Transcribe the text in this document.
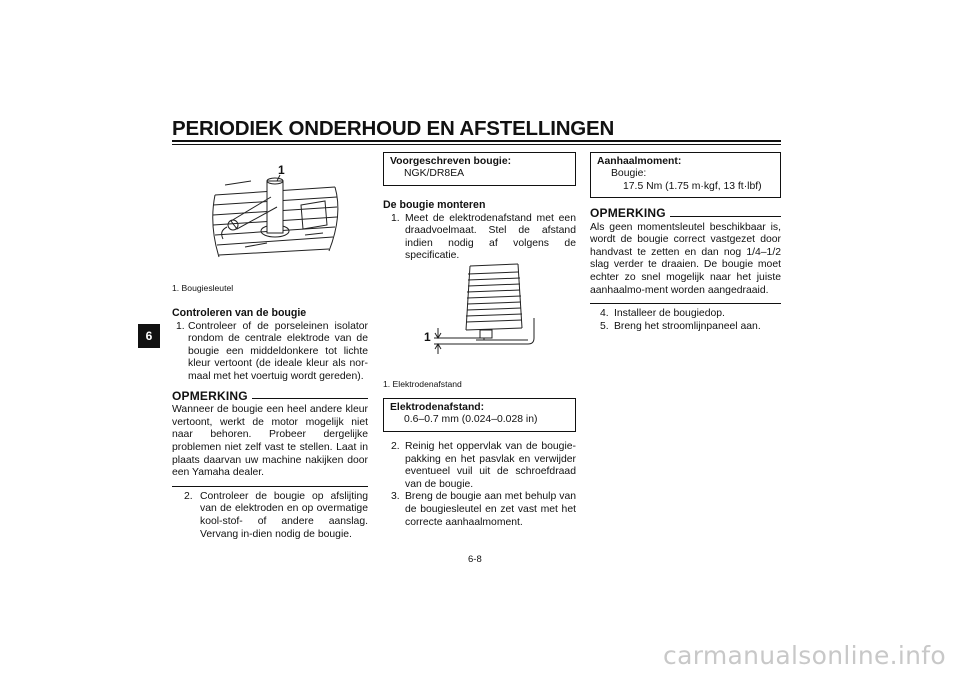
PERIODIEK ONDERHOUD EN AFSTELLINGEN
6
1
1. Bougiesleutel
Controleren van de bougie

1. Controleer of de porseleinen isolator rondom de centrale elektrode van de bougie een middeldonkere tot lichte kleur vertoont (de ideale kleur als nor-maal met het voertuig wordt gereden).

OPMERKING
Wanneer de bougie een heel andere kleur vertoont, werkt de motor mogelijk niet naar behoren. Probeer dergelijke problemen niet zelf vast te stellen. Laat in plaats daarvan uw machine nakijken door een Yamaha dealer.

2. Controleer de bougie op afslijting van de elektroden en op overmatige kool-stof- of andere aanslag. Vervang in-dien nodig de bougie.

Voorgeschreven bougie:
NGK/DR8EA
De bougie monteren

1. Meet de elektrodenafstand met een draadvoelmaat. Stel de afstand indien nodig af volgens de specificatie.

1
1. Elektrodenafstand
Elektrodenafstand:
0.6–0.7 mm (0.024–0.028 in)

2. Reinig het oppervlak van de bougie-pakking en het pasvlak en verwijder eventueel vuil uit de schroefdraad van de bougie.

3. Breng de bougie aan met behulp van de bougiesleutel en zet vast met het correcte aanhaalmoment.

Aanhaalmoment:
Bougie:
17.5 Nm (1.75 m·kgf, 13 ft·lbf)
OPMERKING
Als geen momentsleutel beschikbaar is, wordt de bougie correct vastgezet door handvast te zetten en dan nog 1/4–1/2 slag verder te draaien. De bougie moet echter zo snel mogelijk naar het juiste aanhaalmo-ment worden aangedraaid.

4. Installeer de bougiedop.

5. Breng het stroomlijnpaneel aan.

6-8
carmanualsonline.info
